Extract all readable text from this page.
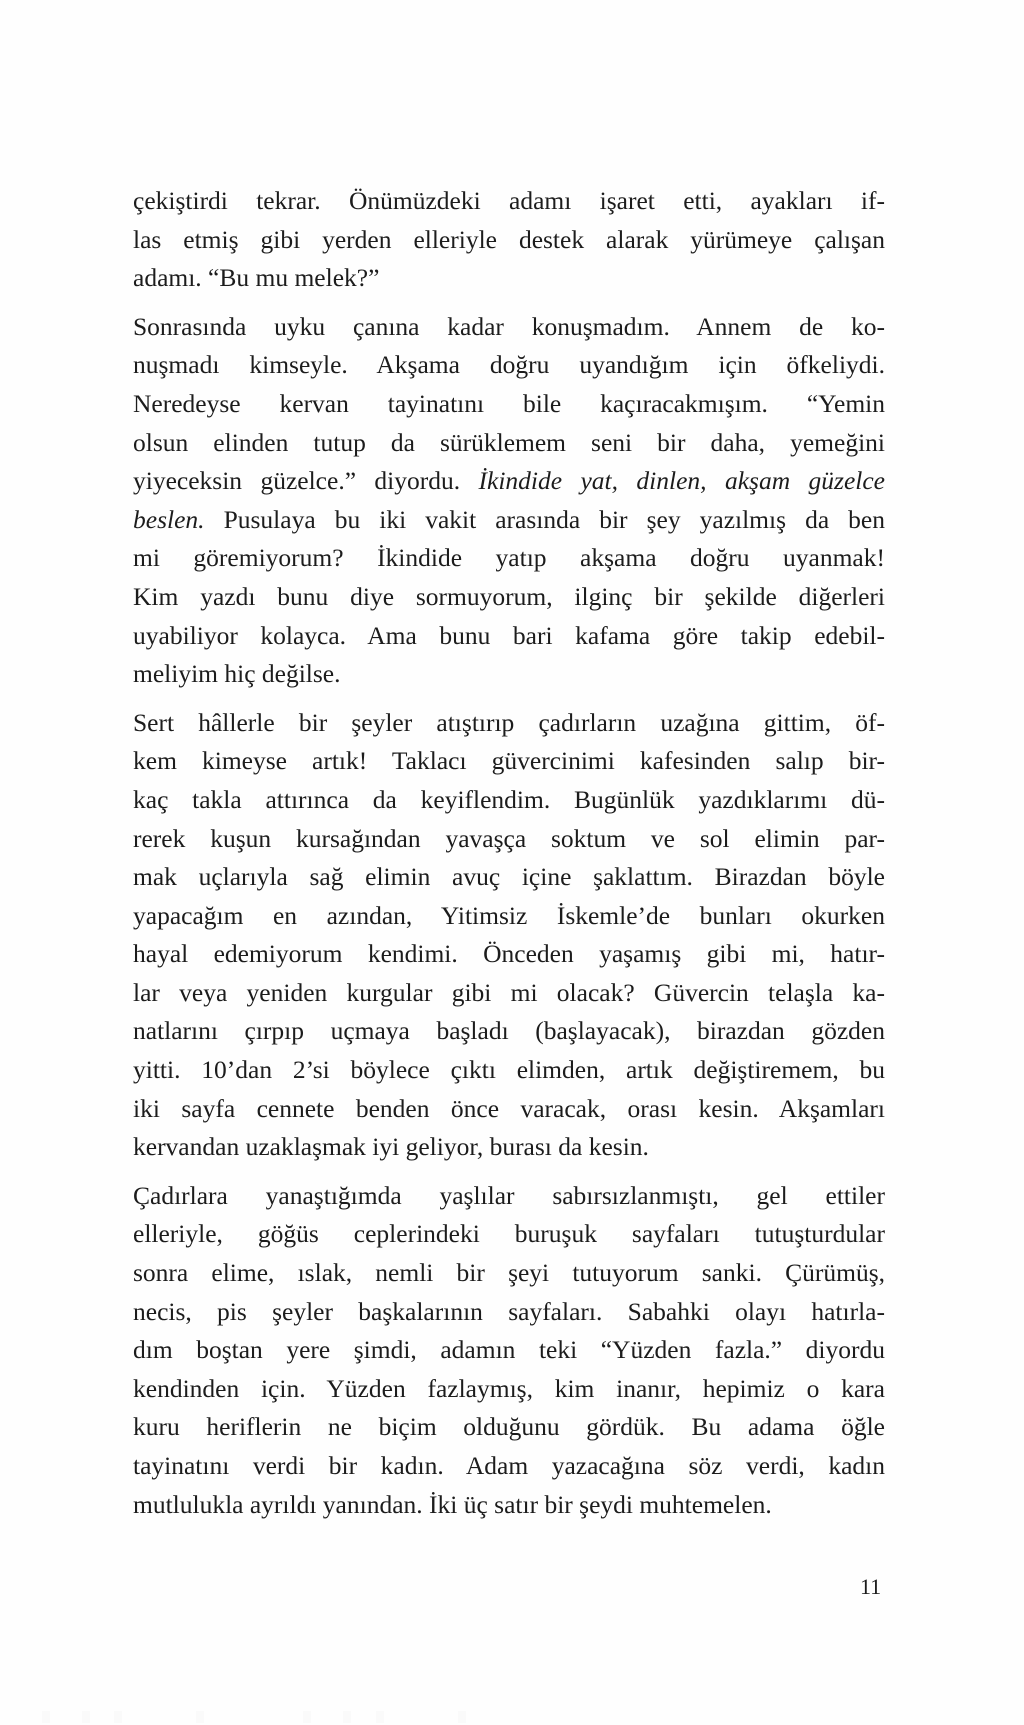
çekiştirdi tekrar. Önümüzdeki adamı işaret etti, ayakları if-
las etmiş gibi yerden elleriyle destek alarak yürümeye çalışan
adamı. “Bu mu melek?”

Sonrasında uyku çanına kadar konuşmadım. Annem de ko-
nuşmadı kimseyle. Akşama doğru uyandığım için öfkeliydi.
Neredeyse kervan tayinatını bile kaçıracakmışım. “Yemin
olsun elinden tutup da sürüklemem seni bir daha, yemeğini
yiyeceksin güzelce.” diyordu. İkindide yat, dinlen, akşam güzelce
beslen. Pusulaya bu iki vakit arasında bir şey yazılmış da ben
mi göremiyorum? İkindide yatıp akşama doğru uyanmak!
Kim yazdı bunu diye sormuyorum, ilginç bir şekilde diğerleri
uyabiliyor kolayca. Ama bunu bari kafama göre takip edebil-
meliyim hiç değilse.

Sert hâllerle bir şeyler atıştırıp çadırların uzağına gittim, öf-
kem kimeyse artık! Taklacı güvercinimi kafesinden salıp bir-
kaç takla attırınca da keyiflendim. Bugünlük yazdıklarımı dü-
rerek kuşun kursağından yavaşça soktum ve sol elimin par-
mak uçlarıyla sağ elimin avuç içine şaklattım. Birazdan böyle
yapacağım en azından, Yitimsiz İskemle’de bunları okurken
hayal edemiyorum kendimi. Önceden yaşamış gibi mi, hatır-
lar veya yeniden kurgular gibi mi olacak? Güvercin telaşla ka-
natlarını çırpıp uçmaya başladı (başlayacak), birazdan gözden
yitti. 10’dan 2’si böylece çıktı elimden, artık değiştiremem, bu
iki sayfa cennete benden önce varacak, orası kesin. Akşamları
kervandan uzaklaşmak iyi geliyor, burası da kesin.

Çadırlara yanaştığımda yaşlılar sabırsızlanmıştı, gel ettiler
elleriyle, göğüs ceplerindeki buruşuk sayfaları tutuşturdular
sonra elime, ıslak, nemli bir şeyi tutuyorum sanki. Çürümüş,
necis, pis şeyler başkalarının sayfaları. Sabahki olayı hatırla-
dım boştan yere şimdi, adamın teki “Yüzden fazla.” diyordu
kendinden için. Yüzden fazlaymış, kim inanır, hepimiz o kara
kuru heriflerin ne biçim olduğunu gördük. Bu adama öğle
tayinatını verdi bir kadın. Adam yazacağına söz verdi, kadın
mutlulukla ayrıldı yanından. İki üç satır bir şeydi muhtemelen.

11
